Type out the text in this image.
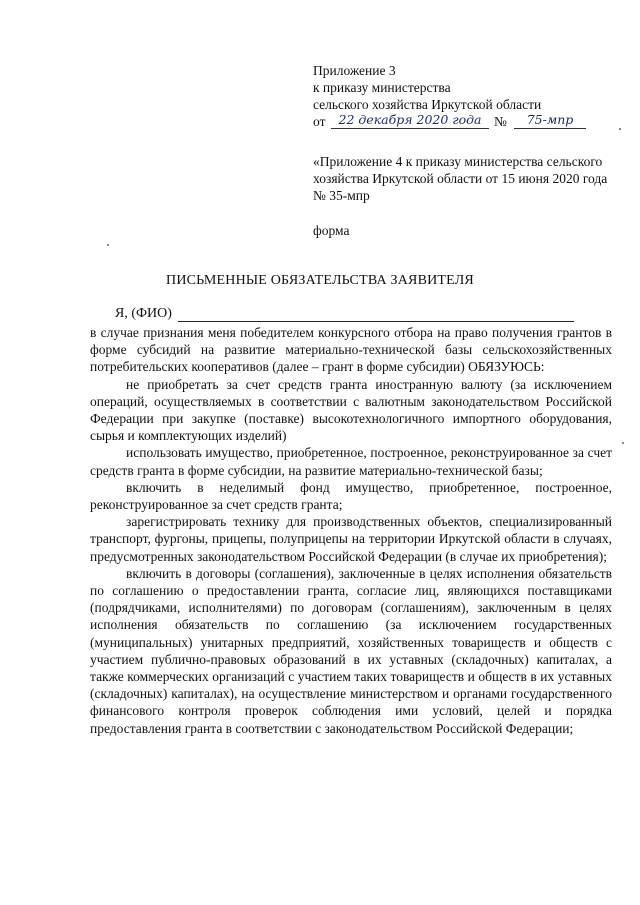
Приложение 3
к приказу министерства
сельского хозяйства Иркутской области
от	22 декабря 2020 года №	75-мпр
«Приложение 4 к приказу министерства сельского хозяйства Иркутской области от 15 июня 2020 года № 35-мпр
форма
ПИСЬМЕННЫЕ ОБЯЗАТЕЛЬСТВА ЗАЯВИТЕЛЯ
Я, (ФИО)

в случае признания меня победителем конкурсного отбора на право получения грантов в форме субсидий на развитие материально-технической базы сельскохозяйственных потребительских кооперативов (далее – грант в форме субсидии) ОБЯЗУЮСЬ:

не приобретать за счет средств гранта иностранную валюту (за исключением операций, осуществляемых в соответствии с валютным законодательством Российской Федерации при закупке (поставке) высокотехнологичного импортного оборудования, сырья и комплектующих изделий)

использовать имущество, приобретенное, построенное, реконструированное за счет средств гранта в форме субсидии, на развитие материально-технической базы;

включить в неделимый фонд имущество, приобретенное, построенное, реконструированное за счет средств гранта;

зарегистрировать технику для производственных объектов, специализированный транспорт, фургоны, прицепы, полуприцепы на территории Иркутской области в случаях, предусмотренных законодательством Российской Федерации (в случае их приобретения);

включить в договоры (соглашения), заключенные в целях исполнения обязательств по соглашению о предоставлении гранта, согласие лиц, являющихся поставщиками (подрядчиками, исполнителями) по договорам (соглашениям), заключенным в целях исполнения обязательств по соглашению (за исключением государственных (муниципальных) унитарных предприятий, хозяйственных товариществ и обществ с участием публично-правовых образований в их уставных (складочных) капиталах, а также коммерческих организаций с участием таких товариществ и обществ в их уставных (складочных) капиталах), на осуществление министерством и органами государственного финансового контроля проверок соблюдения ими условий, целей и порядка предоставления гранта в соответствии с законодательством Российской Федерации;
